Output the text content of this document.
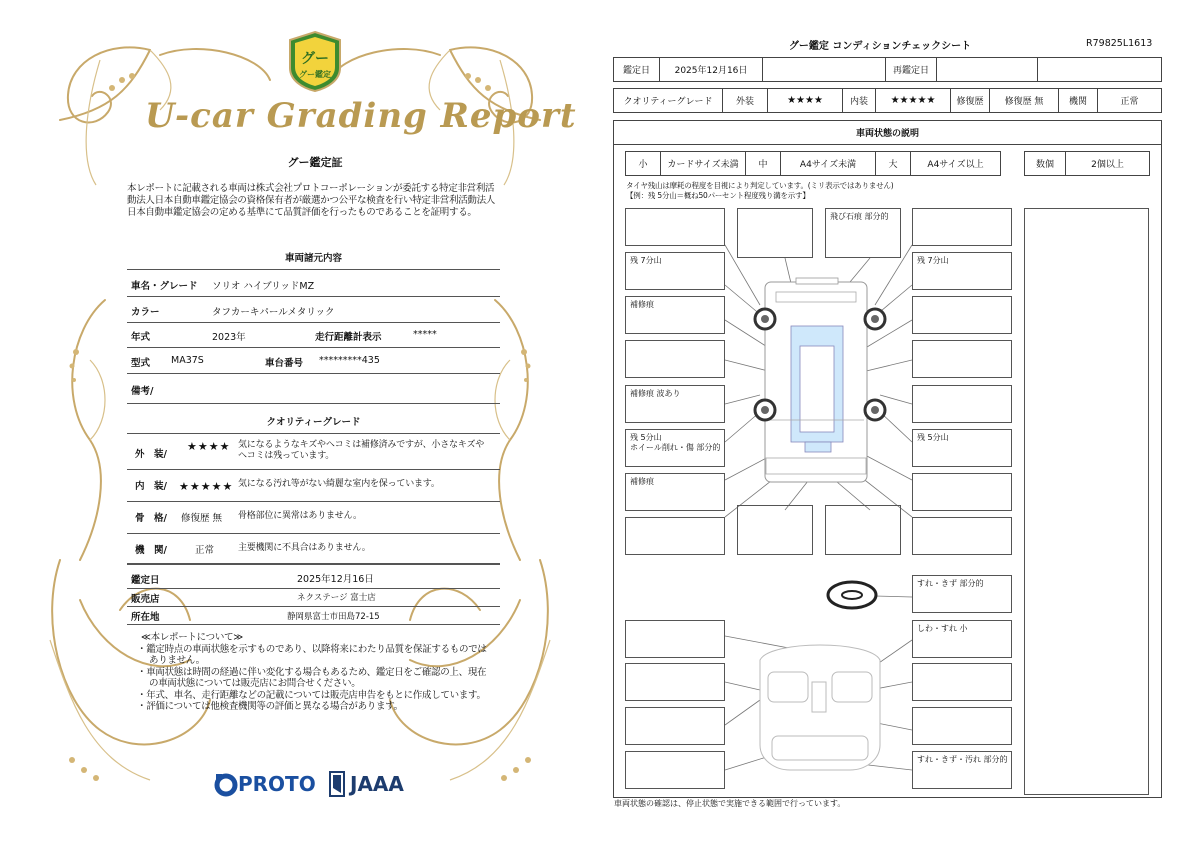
グー
グー鑑定
U-car Grading Report
グー鑑定証
本レポートに記載される車両は株式会社プロトコーポレーションが委託する特定非営利活動法人日本自動車鑑定協会の資格保有者が厳選かつ公平な検査を行い特定非営利活動法人日本自動車鑑定協会の定める基準にて品質評価を行ったものであることを証明する。
車両諸元内容
車名・グレード ソリオ ハイブリッドMZ
カラー	タフカーキパールメタリック
年式	2023年	走行距離計表示	*****
型式 MA37S	車台番号 *********435
備考/
クオリティーグレード
外　装/
★★★★ 気になるようなキズやヘコミは補修済みですが、小さなキズや
ヘコミは残っています。
内　装/ ★★★★★ 気になる汚れ等がない綺麗な室内を保っています。
骨　格/ 修復歴 無 骨格部位に異常はありません。
機　関/	正常	主要機関に不具合はありません。
鑑定日	2025年12月16日
販売店	ネクステージ 富士店
所在地	静岡県富士市田島72-15
≪本レポートについて≫
・鑑定時点の車両状態を示すものであり、以降将来にわたり品質を保証するものではありません。
・車両状態は時間の経過に伴い変化する場合もあるため、鑑定日をご確認の上、現在の車両状態については販売店にお問合せください。
・年式、車名、走行距離などの記載については販売店申告をもとに作成しています。
・評価については他検査機関等の評価と異なる場合があります。
PROTO JAAA
グー鑑定 コンディションチェックシート	R79825L1613
鑑定日	2025年12月16日	再鑑定日
クオリティーグレード	外装	★★★★	内装	★★★★★	修復歴	修復歴 無	機関	正常
車両状態の説明
小	カードサイズ未満	中	A4サイズ未満	大	A4サイズ以上	数個	2個以上
タイヤ残山は摩耗の程度を目視により判定しています。(ミリ表示ではありません)
【例：残 5分山＝概ね50パーセント程度残り溝を示す】
残 7分山
補修痕
補修痕 波あり
残 5分山
ホイール削れ・傷 部分的
補修痕
飛び石痕 部分的
残 7分山
残 5分山
すれ・きず 部分的
しわ・すれ 小
すれ・きず・汚れ 部分的
車両状態の確認は、停止状態で実施できる範囲で行っています。
